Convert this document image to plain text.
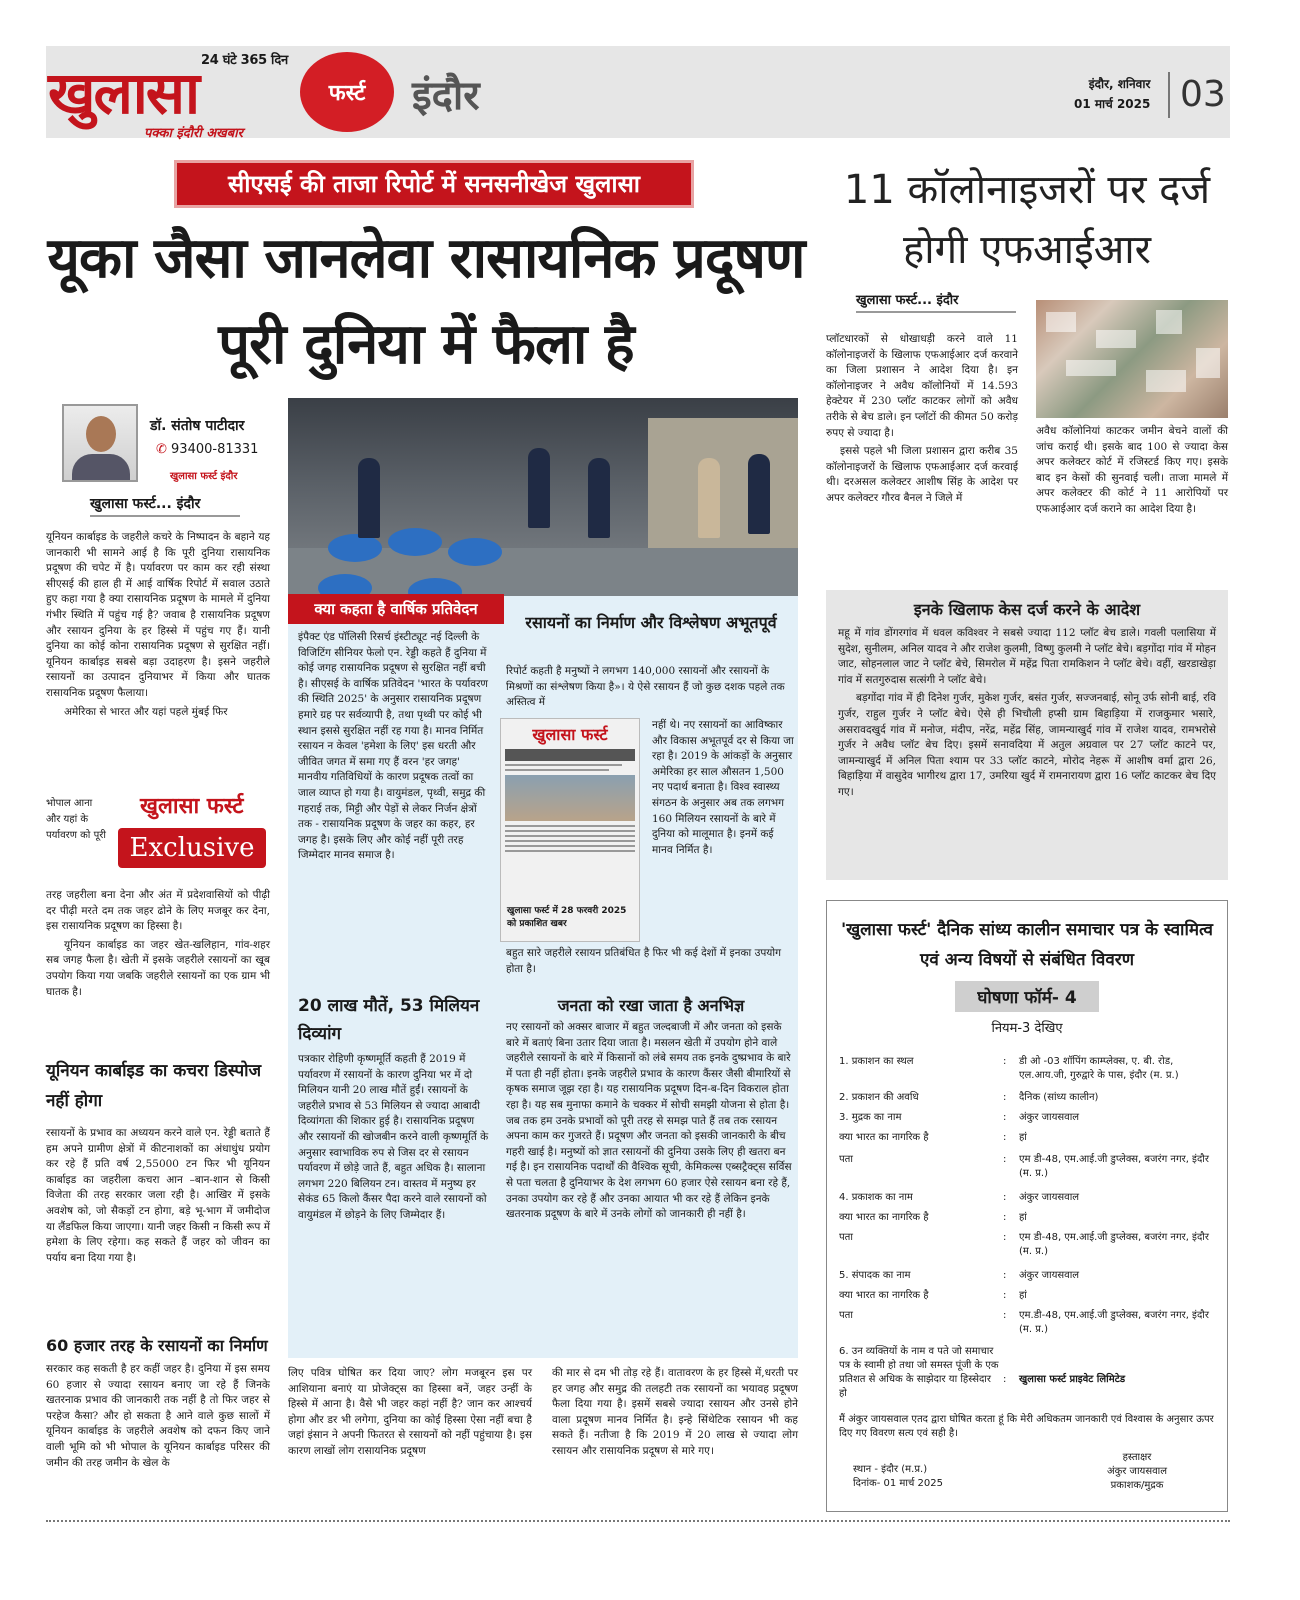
24 घंटे 365 दिन
खुलासा
पक्का इंदौरी अखबार
फर्स्ट	इंदौर	इंदौर, शनिवार
01 मार्च 2025 03
सीएसई की ताजा रिपोर्ट में सनसनीखेज खुलासा
यूका जैसा जानलेवा रासायनिक प्रदूषण पूरी दुनिया में फैला है
डॉ. संतोष पाटीदार
✆ 93400-81331
खुलासा फर्स्ट इंदौर
खुलासा फर्स्ट... इंदौर

यूनियन कार्बाइड के जहरीले कचरे के निष्पादन के बहाने यह जानकारी भी सामने आई है कि पूरी दुनिया रासायनिक प्रदूषण की चपेट में है। पर्यावरण पर काम कर रही संस्था सीएसई की हाल ही में आई वार्षिक रिपोर्ट में सवाल उठाते हुए कहा गया है क्या रासायनिक प्रदूषण के मामले में दुनिया गंभीर स्थिति में पहुंच गई है? जवाब है रासायनिक प्रदूषण और रसायन दुनिया के हर हिस्से में पहुंच गए हैं। यानी दुनिया का कोई कोना रासायनिक प्रदूषण से सुरक्षित नहीं। यूनियन कार्बाइड सबसे बड़ा उदाहरण है। इसने जहरीले रसायनों का उत्पादन दुनियाभर में किया और घातक रासायनिक प्रदूषण फैलाया।

अमेरिका से भारत और यहां पहले मुंबई फिर

भोपाल आना और यहां के पर्यावरण को पूरी

खुलासा फर्स्ट
Exclusive

तरह जहरीला बना देना और अंत में प्रदेशवासियों को पीढ़ी दर पीढ़ी मरते दम तक जहर ढोने के लिए मजबूर कर देना, इस रासायनिक प्रदूषण का हिस्सा है।

यूनियन कार्बाइड का जहर खेत-खलिहान, गांव-शहर सब जगह फैला है। खेती में इसके जहरीले रसायनों का खूब उपयोग किया गया जबकि जहरीले रसायनों का एक ग्राम भी घातक है।

यूनियन कार्बाइड का कचरा डिस्पोज नहीं होगा

रसायनों के प्रभाव का अध्ययन करने वाले एन. रेड्डी बताते हैं हम अपने ग्रामीण क्षेत्रों में कीटनाशकों का अंधाधुंध प्रयोग कर रहे हैं प्रति वर्ष 2,55000 टन फिर भी यूनियन कार्बाइड का जहरीला कचरा आन –बान-शान से किसी विजेता की तरह सरकार जला रही है। आखिर में इसके अवशेष को, जो सैकड़ों टन होगा, बड़े भू-भाग में जमीदोज या लैंडफिल किया जाएगा। यानी जहर किसी न किसी रूप में हमेशा के लिए रहेगा। कह सकते हैं जहर को जीवन का पर्याय बना दिया गया है।

60 हजार तरह के रसायनों का निर्माण

सरकार कह सकती है हर कहीं जहर है। दुनिया में इस समय 60 हजार से ज्यादा रसायन बनाए जा रहे हैं जिनके खतरनाक प्रभाव की जानकारी तक नहीं है तो फिर जहर से परहेज कैसा? और हो सकता है आने वाले कुछ सालों में यूनियन कार्बाइड के जहरीले अवशेष को दफन किए जाने वाली भूमि को भी भोपाल के यूनियन कार्बाइड परिसर की जमीन की तरह जमीन के खेल के

क्या कहता है वार्षिक प्रतिवेदन

इंपैक्ट एंड पॉलिसी रिसर्च इंस्टीट्यूट नई दिल्ली के विजिटिंग सीनियर फेलो एन. रेड्डी कहते हैं दुनिया में कोई जगह रासायनिक प्रदूषण से सुरक्षित नहीं बची है। सीएसई के वार्षिक प्रतिवेदन 'भारत के पर्यावरण की स्थिति 2025' के अनुसार रासायनिक प्रदूषण हमारे ग्रह पर सर्वव्यापी है, तथा पृथ्वी पर कोई भी स्थान इससे सुरक्षित नहीं रह गया है। मानव निर्मित रसायन न केवल 'हमेशा के लिए' इस धरती और जीवित जगत में समा गए हैं वरन 'हर जगह' मानवीय गतिविधियों के कारण प्रदूषक तत्वों का जाल व्याप्त हो गया है। वायुमंडल, पृथ्वी, समुद्र की गहराई तक, मिट्टी और पेड़ों से लेकर निर्जन क्षेत्रों तक - रासायनिक प्रदूषण के जहर का कहर, हर जगह है। इसके लिए और कोई नहीं पूरी तरह जिम्मेदार मानव समाज है।

20 लाख मौतें, 53 मिलियन दिव्यांग

पत्रकार रोहिणी कृष्णमूर्ति कहती हैं 2019 में पर्यावरण में रसायनों के कारण दुनिया भर में दो मिलियन यानी 20 लाख मौतें हुईं। रसायनों के जहरीले प्रभाव से 53 मिलियन से ज्यादा आबादी दिव्यांगता की शिकार हुई है। रासायनिक प्रदूषण और रसायनों की खोजबीन करने वाली कृष्णमूर्ति के अनुसार स्वाभाविक रुप से जिस दर से रसायन पर्यावरण में छोड़े जाते हैं, बहुत अधिक है। सालाना लगभग 220 बिलियन टन। वास्तव में मनुष्य हर सेकंड 65 किलो कैंसर पैदा करने वाले रसायनों को वायुमंडल में छोड़ने के लिए जिम्मेदार हैं।

रसायनों का निर्माण और विश्लेषण अभूतपूर्व

रिपोर्ट कहती है मनुष्यों ने लगभग 140,000 रसायनों और रसायनों के मिश्रणों का संश्लेषण किया है»। ये ऐसे रसायन हैं जो कुछ दशक पहले तक अस्तित्व में

खुलासा फर्स्ट
खुलासा फर्स्ट में 28 फरवरी 2025 को प्रकाशित खबर

नहीं थे। नए रसायनों का आविष्कार और विकास अभूतपूर्व दर से किया जा रहा है। 2019 के आंकड़ों के अनुसार अमेरिका हर साल औसतन 1,500 नए पदार्थ बनाता है। विश्व स्वास्थ्य संगठन के अनुसार अब तक लगभग 160 मिलियन रसायनों के बारे में दुनिया को मालूमात है। इनमें कई मानव निर्मित है।

बहुत सारे जहरीले रसायन प्रतिबंधित है फिर भी कई देशों में इनका उपयोग होता है।

जनता को रखा जाता है अनभिज्ञ

नए रसायनों को अक्सर बाजार में बहुत जल्दबाजी में और जनता को इसके बारे में बताएं बिना उतार दिया जाता है। मसलन खेती में उपयोग होने वाले जहरीले रसायनों के बारे में किसानों को लंबे समय तक इनके दुष्प्रभाव के बारे में पता ही नहीं होता। इनके जहरीले प्रभाव के कारण कैंसर जैसी बीमारियों से कृषक समाज जूझ रहा है। यह रासायनिक प्रदूषण दिन-ब-दिन विकराल होता रहा है। यह सब मुनाफा कमाने के चक्कर में सोची समझी योजना से होता है। जब तक हम उनके प्रभावों को पूरी तरह से समझ पाते हैं तब तक रसायन अपना काम कर गुजरते हैं। प्रदूषण और जनता को इसकी जानकारी के बीच गहरी खाई है। मनुष्यों को ज्ञात रसायनों की दुनिया उसके लिए ही खतरा बन गई है। इन रासायनिक पदार्थों की वैश्विक सूची, केमिकल्स एब्सट्रैक्ट्स सर्विस से पता चलता है दुनियाभर के देश लगभग 60 हजार ऐसे रसायन बना रहे हैं, उनका उपयोग कर रहे हैं और उनका आयात भी कर रहे हैं लेकिन इनके खतरनाक प्रदूषण के बारे में उनके लोगों को जानकारी ही नहीं है।

लिए पवित्र घोषित कर दिया जाए? लोग मजबूरन इस पर आशियाना बनाएं या प्रोजेक्ट्स का हिस्सा बनें, जहर उन्हीं के हिस्से में आना है। वैसे भी जहर कहां नहीं है? जान कर आश्चर्य होगा और डर भी लगेगा, दुनिया का कोई हिस्सा ऐसा नहीं बचा है जहां इंसान ने अपनी फितरत से रसायनों को नहीं पहुंचाया है। इस कारण लाखों लोग रासायनिक प्रदूषण

की मार से दम भी तोड़ रहे हैं। वातावरण के हर हिस्से में,धरती पर हर जगह और समुद्र की तलहटी तक रसायनों का भयावह प्रदूषण फैला दिया गया है। इसमें सबसे ज्यादा रसायन और उनसे होने वाला प्रदूषण मानव निर्मित है। इन्हे सिंथेटिक रसायन भी कह सकते हैं। नतीजा है कि 2019 में 20 लाख से ज्यादा लोग रसायन और रासायनिक प्रदूषण से मारे गए।

11 कॉलोनाइजरों पर दर्ज होगी एफआईआर
खुलासा फर्स्ट... इंदौर

प्लॉटधारकों से धोखाधड़ी करने वाले 11 कॉलोनाइजरों के खिलाफ एफआईआर दर्ज करवाने का जिला प्रशासन ने आदेश दिया है। इन कॉलोनाइजर ने अवैध कॉलोनियों में 14.593 हेक्टेयर में 230 प्लॉट काटकर लोगों को अवैध तरीके से बेच डाले। इन प्लॉटों की कीमत 50 करोड़ रुपए से ज्यादा है।

इससे पहले भी जिला प्रशासन द्वारा करीब 35 कॉलोनाइजरों के खिलाफ एफआईआर दर्ज करवाई थी। दरअसल कलेक्टर आशीष सिंह के आदेश पर अपर कलेक्टर गौरव बैनल ने जिले में

अवैध कॉलोनियां काटकर जमीन बेचने वालों की जांच कराई थी। इसके बाद 100 से ज्यादा केस अपर कलेक्टर कोर्ट में रजिस्टर्ड किए गए। इसके बाद इन केसों की सुनवाई चली। ताजा मामले में अपर कलेक्टर की कोर्ट ने 11 आरोपियों पर एफआईआर दर्ज कराने का आदेश दिया है।

इनके खिलाफ केस दर्ज करने के आदेश

महू में गांव डोंगरगांव में धवल कविश्वर ने सबसे ज्यादा 112 प्लॉट बेच डाले। गवली पलासिया में सुदेश, सुनीलम, अनिल यादव ने और राजेश कुलमी, विष्णु कुलमी ने प्लॉट बेचे। बड़गोंदा गांव में मोहन जाट, सोहनलाल जाट ने प्लॉट बेचे, सिमरोल में महेंद्र पिता रामकिशन ने प्लॉट बेचे। वहीं, खरडाखेड़ा गांव में सतगुरुदास सत्संगी ने प्लॉट बेचे।

बड़गोंदा गांव में ही दिनेश गुर्जर, मुकेश गुर्जर, बसंत गुर्जर, सज्जनबाई, सोनू उर्फ सोनी बाई, रवि गुर्जर, राहुल गुर्जर ने प्लॉट बेचे। ऐसे ही भिचौली हप्सी ग्राम बिहाड़िया में राजकुमार भसारे, असरावदखुर्द गांव में मनोज, मंदीप, नरेंद्र, महेंद्र सिंह, जामन्याखुर्द गांव में राजेश यादव, रामभरोसे गुर्जर ने अवैध प्लॉट बेच दिए। इसमें सनावदिया में अतुल अग्रवाल पर 27 प्लॉट काटने पर, जामन्याखुर्द में अनिल पिता श्याम पर 33 प्लॉट काटने, मोरोद नेहरू में आशीष वर्मा द्वारा 26, बिहाड़िया में वासुदेव भागीरथ द्वारा 17, उमरिया खुर्द में रामनारायण द्वारा 16 प्लॉट काटकर बेच दिए गए।

'खुलासा फर्स्ट' दैनिक सांध्य कालीन समाचार पत्र के स्वामित्व एवं अन्य विषयों से संबंधित विवरण
घोषणा फॉर्म- 4
नियम-3 देखिए
1. प्रकाशन का स्थल	: डी ओ -03 शॉपिंग काम्प्लेक्स, ए. बी. रोड, एल.आय.जी, गुरुद्वारे के पास, इंदौर (म. प्र.)
2. प्रकाशन की अवधि	: दैनिक (सांध्य कालीन)
3. मुद्रक का नाम	: अंकुर जायसवाल
क्या भारत का नागरिक है	: हां
पता	: एम डी-48, एम.आई.जी डुप्लेक्स, बजरंग नगर, इंदौर (म. प्र.)
4. प्रकाशक का नाम	: अंकुर जायसवाल
क्या भारत का नागरिक है	: हां
पता	: एम डी-48, एम.आई.जी डुप्लेक्स, बजरंग नगर, इंदौर (म. प्र.)
5. संपादक का नाम	: अंकुर जायसवाल
क्या भारत का नागरिक है	: हां
पता	: एम.डी-48, एम.आई.जी डुप्लेक्स, बजरंग नगर, इंदौर (म. प्र.)
6. उन व्यक्तियों के नाम व पते जो समाचार पत्र के स्वामी हो तथा जो समस्त पूंजी के एक प्रतिशत से अधिक के साझेदार या हिस्सेदार हो
: खुलासा फर्स्ट प्राइवेट लिमिटेड
मैं अंकुर जायसवाल एतद द्वारा घोषित करता हूं कि मेरी अधिकतम जानकारी एवं विश्वास के अनुसार ऊपर दिए गए विवरण सत्य एवं सही है।
स्थान - इंदौर (म.प्र.)
दिनांक- 01 मार्च 2025
हस्ताक्षर
अंकुर जायसवाल
प्रकाशक/मुद्रक
